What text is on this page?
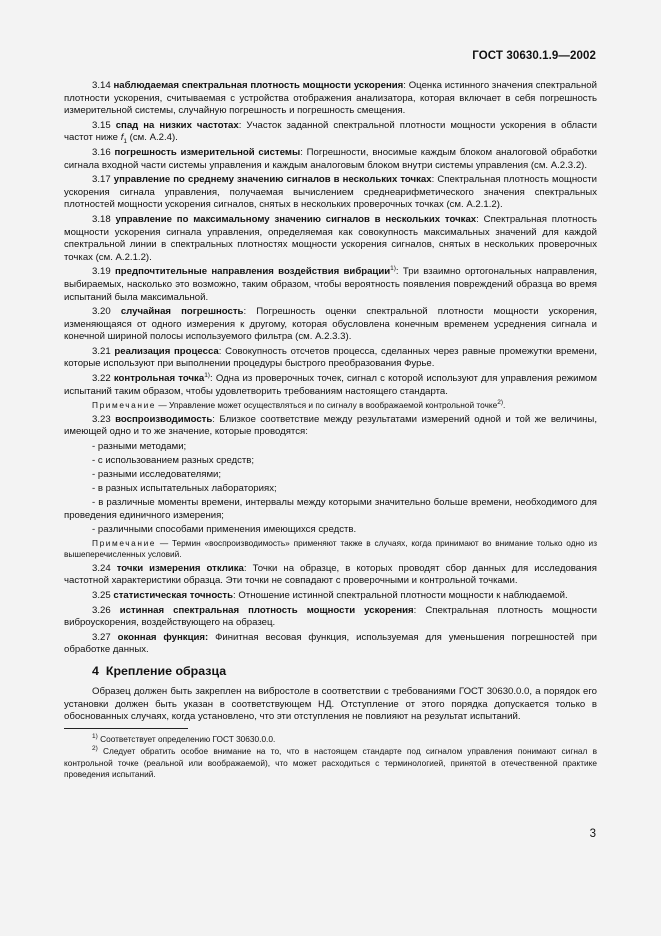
ГОСТ 30630.1.9—2002

3.14 наблюдаемая спектральная плотность мощности ускорения: Оценка истинного значения спектральной плотности ускорения, считываемая с устройства отображения анализатора, которая включает в себя погрешность измерительной системы, случайную погрешность и погрешность смещения.

3.15 спад на низких частотах: Участок заданной спектральной плотности мощности ускорения в области частот ниже $f_1$ (см. А.2.4).

3.16 погрешность измерительной системы: Погрешности, вносимые каждым блоком аналоговой обработки сигнала входной части системы управления и каждым аналоговым блоком внутри системы управления (см. А.2.3.2).

3.17 управление по среднему значению сигналов в нескольких точках: Спектральная плотность мощности ускорения сигнала управления, получаемая вычислением среднеарифметического значения спектральных плотностей мощности ускорения сигналов, снятых в нескольких проверочных точках (см. А.2.1.2).

3.18 управление по максимальному значению сигналов в нескольких точках: Спектральная плотность мощности ускорения сигнала управления, определяемая как совокупность максимальных значений для каждой спектральной линии в спектральных плотностях мощности ускорения сигналов, снятых в нескольких проверочных точках (см. А.2.1.2).

3.19 предпочтительные направления воздействия вибрации$^{1)}$: Три взаимно ортогональных направления, выбираемых, насколько это возможно, таким образом, чтобы вероятность появления повреждений образца во время испытаний была максимальной.

3.20 случайная погрешность: Погрешность оценки спектральной плотности мощности ускорения, изменяющаяся от одного измерения к другому, которая обусловлена конечным временем усреднения сигнала и конечной шириной полосы используемого фильтра (см. А.2.3.3).

3.21 реализация процесса: Совокупность отсчетов процесса, сделанных через равные промежутки времени, которые используют при выполнении процедуры быстрого преобразования Фурье.

3.22 контрольная точка$^{1)}$: Одна из проверочных точек, сигнал с которой используют для управления режимом испытаний таким образом, чтобы удовлетворить требованиям настоящего стандарта.

Примечание — Управление может осуществляться и по сигналу в воображаемой контрольной точке$^{2)}$.

3.23 воспроизводимость: Близкое соответствие между результатами измерений одной и той же величины, имеющей одно и то же значение, которые проводятся:

- разными методами;

- с использованием разных средств;

- разными исследователями;

- в разных испытательных лабораториях;

- в различные моменты времени, интервалы между которыми значительно больше времени, необходимого для проведения единичного измерения;

- различными способами применения имеющихся средств.

Примечание — Термин «воспроизводимость» применяют также в случаях, когда принимают во внимание только одно из вышеперечисленных условий.

3.24 точки измерения отклика: Точки на образце, в которых проводят сбор данных для исследования частотной характеристики образца. Эти точки не совпадают с проверочными и контрольной точками.

3.25 статистическая точность: Отношение истинной спектральной плотности мощности к наблюдаемой.

3.26 истинная спектральная плотность мощности ускорения: Спектральная плотность мощности виброускорения, воздействующего на образец.

3.27 оконная функция: Финитная весовая функция, используемая для уменьшения погрешностей при обработке данных.

4 Крепление образца

Образец должен быть закреплен на вибростоле в соответствии с требованиями ГОСТ 30630.0.0, а порядок его установки должен быть указан в соответствующем НД. Отступление от этого порядка допускается только в обоснованных случаях, когда установлено, что эти отступления не повлияют на результат испытаний.

$^{1)}$ Соответствует определению ГОСТ 30630.0.0.

$^{2)}$ Следует обратить особое внимание на то, что в настоящем стандарте под сигналом управления понимают сигнал в контрольной точке (реальной или воображаемой), что может расходиться с терминологией, принятой в отечественной практике проведения испытаний.

3
